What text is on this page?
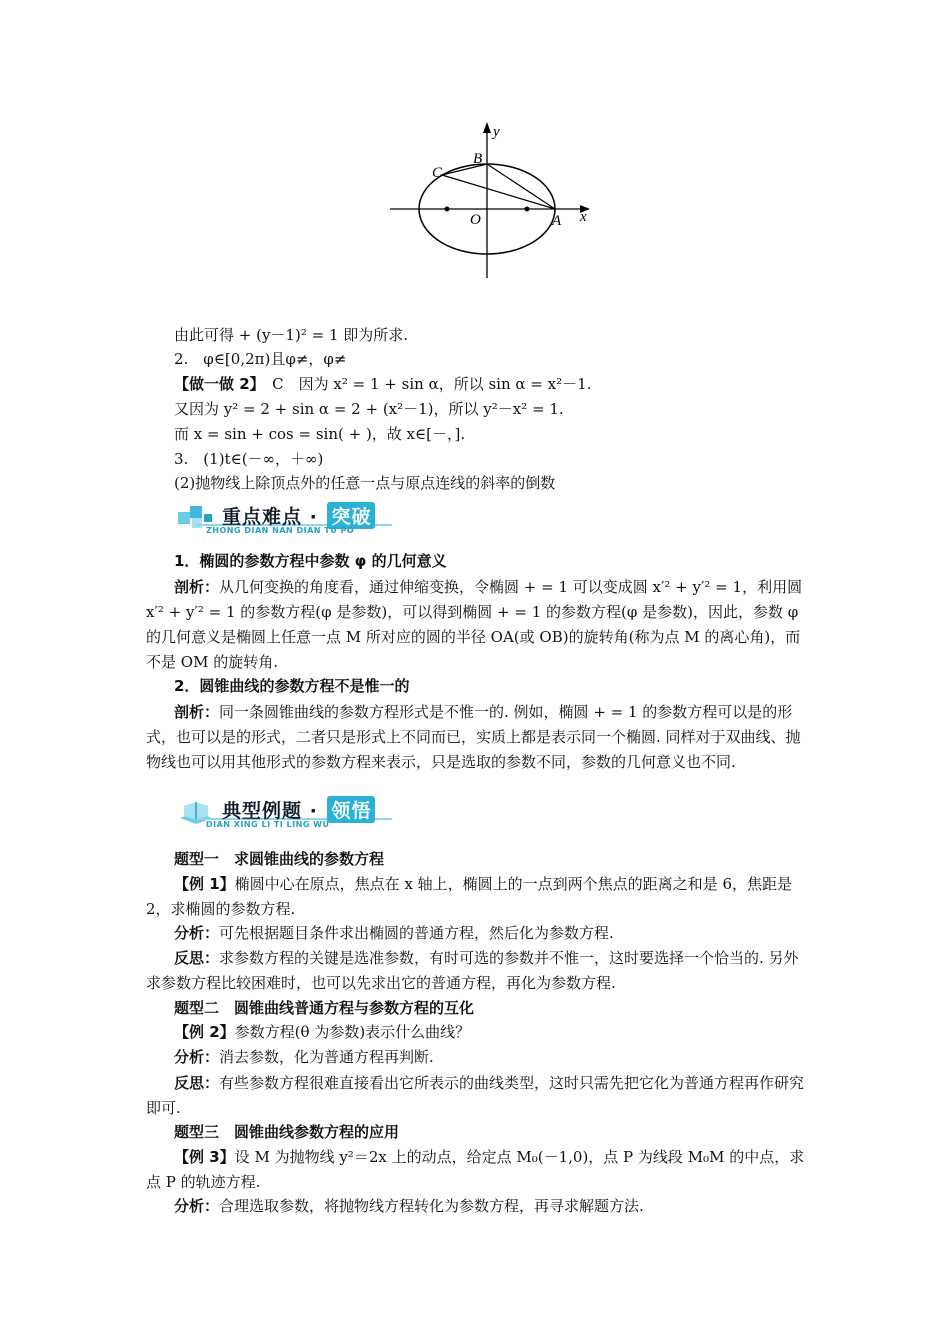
y
B
C
O	A x
由此可得 + (y－1)² = 1 即为所求.
2.　φ∈[0,2π)且φ≠，φ≠
【做一做 2】　C　因为 x² = 1 + sin α，所以 sin α = x²－1.
又因为 y² = 2 + sin α = 2 + (x²－1)，所以 y²－x² = 1.
而 x = sin + cos = sin( + )，故 x∈[－，].
3.　(1)t∈(－∞，＋∞)
(2)抛物线上除顶点外的任意一点与原点连线的斜率的倒数
重点难点 · 突破
ZHONG DIAN NAN DIAN TU PO
1．椭圆的参数方程中参数 φ 的几何意义
剖析：从几何变换的角度看，通过伸缩变换，令椭圆 + = 1 可以变成圆 x′² + y′² = 1，利用圆 x′² + y′² = 1 的参数方程(φ 是参数)，可以得到椭圆 + = 1 的参数方程(φ 是参数)，因此，参数 φ 的几何意义是椭圆上任意一点 M 所对应的圆的半径 OA(或 OB)的旋转角(称为点 M 的离心角)，而不是 OM 的旋转角.
2．圆锥曲线的参数方程不是惟一的
剖析：同一条圆锥曲线的参数方程形式是不惟一的. 例如，椭圆 + = 1 的参数方程可以是的形式，也可以是的形式，二者只是形式上不同而已，实质上都是表示同一个椭圆. 同样对于双曲线、抛物线也可以用其他形式的参数方程来表示，只是选取的参数不同，参数的几何意义也不同.
典型例题 · 领悟
DIAN XING LI TI LING WU
题型一　求圆锥曲线的参数方程
【例 1】椭圆中心在原点，焦点在 x 轴上，椭圆上的一点到两个焦点的距离之和是 6，焦距是 2，求椭圆的参数方程.
分析：可先根据题目条件求出椭圆的普通方程，然后化为参数方程.
反思：求参数方程的关键是选准参数，有时可选的参数并不惟一，这时要选择一个恰当的. 另外求参数方程比较困难时，也可以先求出它的普通方程，再化为参数方程.
题型二　圆锥曲线普通方程与参数方程的互化
【例 2】参数方程(θ 为参数)表示什么曲线？
分析：消去参数，化为普通方程再判断.
反思：有些参数方程很难直接看出它所表示的曲线类型，这时只需先把它化为普通方程再作研究即可.
题型三　圆锥曲线参数方程的应用
【例 3】设 M 为抛物线 y²＝2x 上的动点，给定点 M₀(－1,0)，点 P 为线段 M₀M 的中点，求点 P 的轨迹方程.
分析：合理选取参数，将抛物线方程转化为参数方程，再寻求解题方法.
